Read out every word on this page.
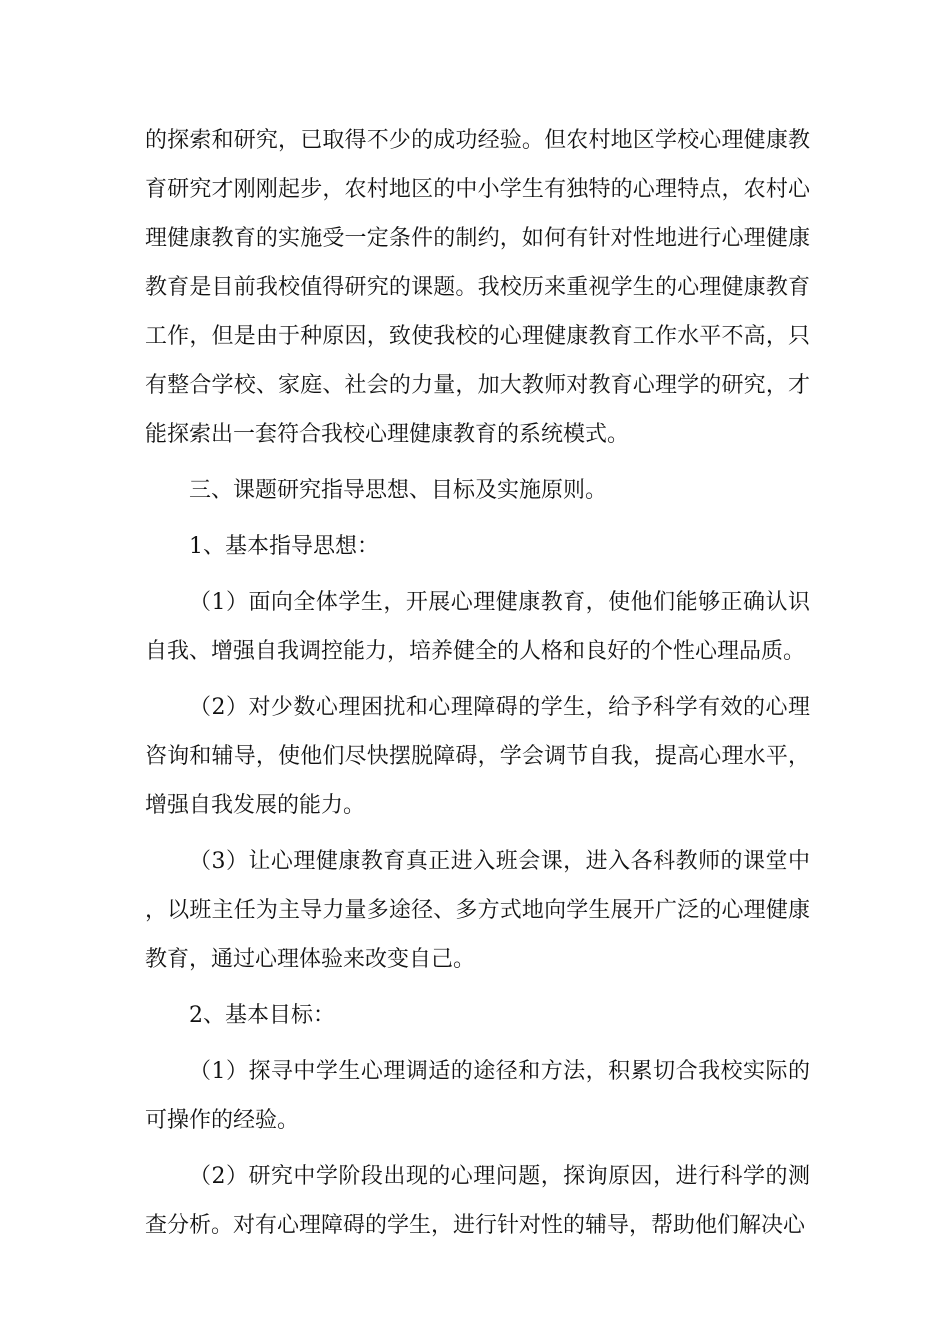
的探索和研究，已取得不少的成功经验。但农村地区学校心理健康教育研究才刚刚起步，农村地区的中小学生有独特的心理特点，农村心理健康教育的实施受一定条件的制约，如何有针对性地进行心理健康教育是目前我校值得研究的课题。我校历来重视学生的心理健康教育工作，但是由于种原因，致使我校的心理健康教育工作水平不高，只有整合学校、家庭、社会的力量，加大教师对教育心理学的研究，才能探索出一套符合我校心理健康教育的系统模式。

三、课题研究指导思想、目标及实施原则。

1、基本指导思想：

（1）面向全体学生，开展心理健康教育，使他们能够正确认识自我、增强自我调控能力，培养健全的人格和良好的个性心理品质。

（2）对少数心理困扰和心理障碍的学生，给予科学有效的心理咨询和辅导，使他们尽快摆脱障碍，学会调节自我，提高心理水平，增强自我发展的能力。

（3）让心理健康教育真正进入班会课，进入各科教师的课堂中，以班主任为主导力量多途径、多方式地向学生展开广泛的心理健康教育，通过心理体验来改变自己。

2、基本目标：

（1）探寻中学生心理调适的途径和方法，积累切合我校实际的可操作的经验。

（2）研究中学阶段出现的心理问题，探询原因，进行科学的测查分析。对有心理障碍的学生，进行针对性的辅导，帮助他们解决心
